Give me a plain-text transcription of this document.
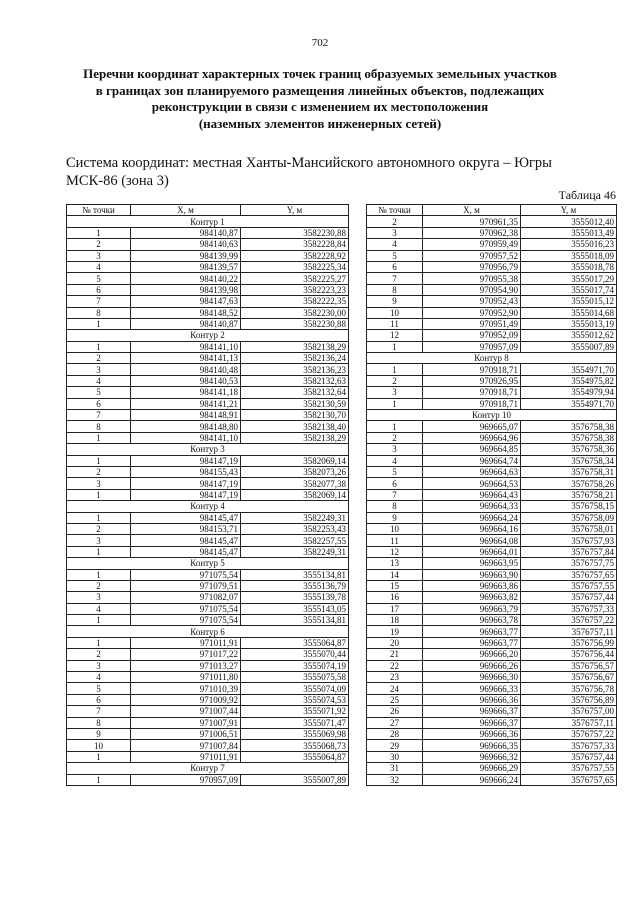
702
Перечни координат характерных точек границ образуемых земельных участков
в границах зон планируемого размещения линейных объектов, подлежащих
реконструкции в связи с изменением их местоположения
(наземных элементов инженерных сетей)
Система координат: местная Ханты-Мансийского автономного округа – Югры
МСК-86 (зона 3)
Таблица 46
№ точки	X, м	Y, м
Контур 1		
1	984140,87	3582230,88
2	984140,63	3582228,84
3	984139,99	3582228,92
4	984139,57	3582225,34
5	984140,22	3582225,27
6	984139,98	3582223,23
7	984147,63	3582222,35
8	984148,52	3582230,00
1	984140,87	3582230,88
Контур 2		
1	984141,10	3582138,29
2	984141,13	3582136,24
3	984140,48	3582136,23
4	984140,53	3582132,63
5	984141,18	3582132,64
6	984141,21	3582130,59
7	984148,91	3582130,70
8	984148,80	3582138,40
1	984141,10	3582138,29
Контур 3		
1	984147,19	3582069,14
2	984155,43	3582073,26
3	984147,19	3582077,38
1	984147,19	3582069,14
Контур 4		
1	984145,47	3582249,31
2	984153,71	3582253,43
3	984145,47	3582257,55
1	984145,47	3582249,31
Контур 5		
1	971075,54	3555134,81
2	971079,51	3555136,79
3	971082,07	3555139,78
4	971075,54	3555143,05
1	971075,54	3555134,81
Контур 6		
1	971011,91	3555064,87
2	971017,22	3555070,44
3	971013,27	3555074,19
4	971011,80	3555075,58
5	971010,39	3555074,09
6	971009,92	3555074,53
7	971007,44	3555071,92
8	971007,91	3555071,47
9	971006,51	3555069,98
10	971007,84	3555068,73
1	971011,91	3555064,87
Контур 7		
1	970957,09	3555007,89
№ точки	X, м	Y, м
2	970961,35	3555012,40
3	970962,38	3555013,49
4	970959,49	3555016,23
5	970957,52	3555018,09
6	970956,79	3555018,78
7	970955,38	3555017,29
8	970954,90	3555017,74
9	970952,43	3555015,12
10	970952,90	3555014,68
11	970951,49	3555013,19
12	970952,09	3555012,62
1	970957,09	3555007,89
Контур 8		
1	970918,71	3554971,70
2	970926,95	3554975,82
3	970918,71	3554979,94
1	970918,71	3554971,70
Контур 10		
1	969665,07	3576758,38
2	969664,96	3576758,38
3	969664,85	3576758,36
4	969664,74	3576758,34
5	969664,63	3576758,31
6	969664,53	3576758,26
7	969664,43	3576758,21
8	969664,33	3576758,15
9	969664,24	3576758,09
10	969664,16	3576758,01
11	969664,08	3576757,93
12	969664,01	3576757,84
13	969663,95	3576757,75
14	969663,90	3576757,65
15	969663,86	3576757,55
16	969663,82	3576757,44
17	969663,79	3576757,33
18	969663,78	3576757,22
19	969663,77	3576757,11
20	969663,77	3576756,99
21	969666,20	3576756,44
22	969666,26	3576756,57
23	969666,30	3576756,67
24	969666,33	3576756,78
25	969666,36	3576756,89
26	969666,37	3576757,00
27	969666,37	3576757,11
28	969666,36	3576757,22
29	969666,35	3576757,33
30	969666,32	3576757,44
31	969666,29	3576757,55
32	969666,24	3576757,65
